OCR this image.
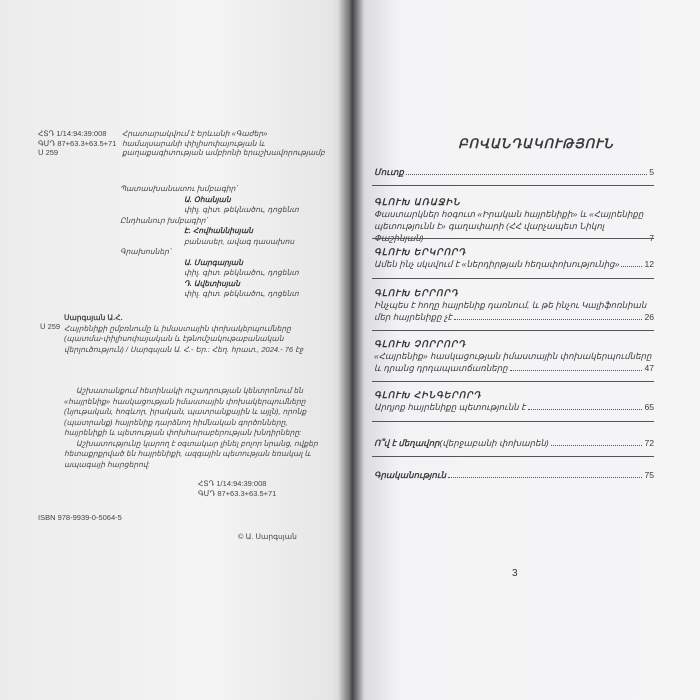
ՀՏԴ 1/14:94:39:008
ԳՄԴ 87+63.3+63.5+71
Ս 259
Հրատարակվում է Երևանի «Գաժեր» համալսարանի փիլիսոփայության և քաղաքագիտության ամբիոնի երաշխավորությամբ
Պատասխանատու խմբագիր՝
Ա. Օհանյան
փիլ. գիտ. թեկնածու, դոցենտ
Ընդհանուր խմբագիր՝
Է. Հովհաննիսյան
բանասեր, ավագ դասախոս
Գրախոսներ՝
Ա. Մարգարյան
փիլ. գիտ. թեկնածու, դոցենտ
Դ. Ավետիսյան
փիլ. գիտ. թեկնածու, դոցենտ
Ս 259
Սարգսյան Ա.Հ.
Հայրենիքի ըմբռնումը և իմաստային փոխակերպումները (պատմա-փիլիսոփայական և էթնոմշակութաբանական վերլուծություն) / Սարգսյան Ա. Հ.- Եր.: Հեղ. հրատ., 2024.- 76 էջ

Աշխատանքում հետինակի ուշադրության կենտրոնում են «հայրենիք» հասկացության իմաստային փոխակերպումները (նյութական, հոգևոր, իրական, պատրանքային և այլն), որոնք (պատրանք) հայրենիք դարձնող հիմնական գործոնները, հայրենիքի և պետության փոխհարաբերության խնդիրները:

Աշխատությունը կարող է օգտակար լինել բոլոր նրանց, ովքեր հետաքրքրված են հայրենիքի, ազգային պետության եռակալ և ապագայի հարցերով:

ՀՏԴ 1/14:94:39:008
ԳՄԴ 87+63.3+63.5+71
ISBN 978-9939-0-5064-5
© Ա. Սարգսյան
ԲՈՎԱՆԴԱԿՈՒԹՅՈՒՆ
Մուտք	5
ԳԼՈՒԽ ԱՌԱՋԻՆ
Փաստարկներ հօգուտ «Իրական հայրենիքի» և «Հայրենիքը
պետությունն է» գաղափարի (ՀՀ վարչապետ Նիկոլ Փաշինյան)	7
ԳԼՈՒԽ ԵՐԿՐՈՐԴ
Ամեն ինչ սկսվում է «ներդիրթյան հեղափոխությունից»	12
ԳԼՈՒԽ ԵՐՐՈՐԴ
Ինչպես է հողը հայրենիք դառնում, և թե ինչու Կալիֆոռնիան
մեր հայրենիքը չէ	26
ԳԼՈՒԽ ՉՈՐՐՈՐԴ
«Հայրենիք» հասկացության իմաստային փոխակերպումները
և դրանց դրդապատճառները	47
ԳԼՈՒԽ ՀԻՆԳԵՐՈՐԴ
Արդյոք հայրենիքը պետությունն է	65
Ո՞վ է մեղավոր (վերջաբանի փոխարեն)	72
Գրականություն	75
3
